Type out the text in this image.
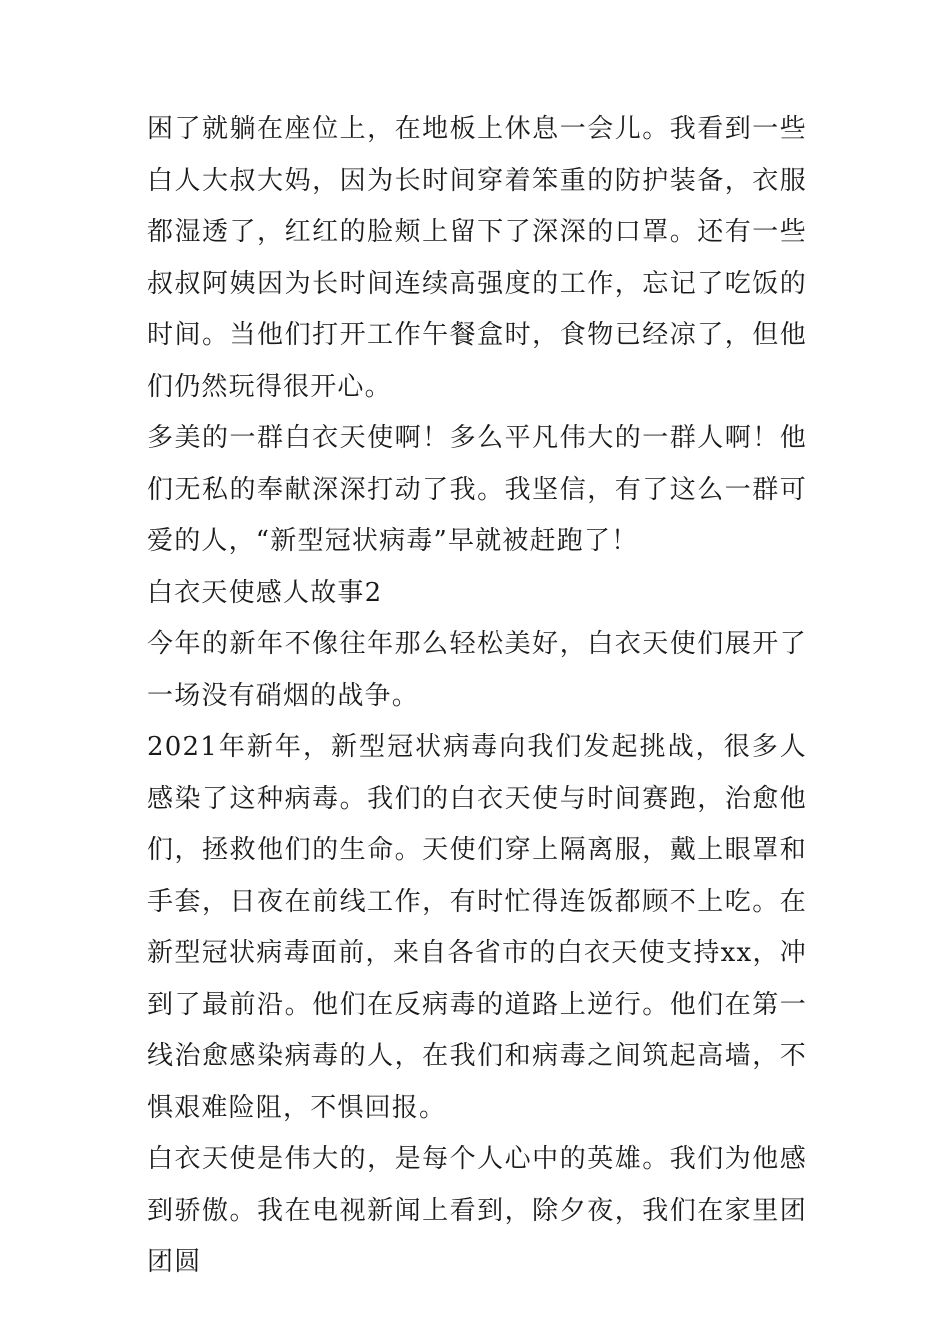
困了就躺在座位上，在地板上休息一会儿。我看到一些白人大叔大妈，因为长时间穿着笨重的防护装备，衣服都湿透了，红红的脸颊上留下了深深的口罩。还有一些叔叔阿姨因为长时间连续高强度的工作，忘记了吃饭的时间。当他们打开工作午餐盒时，食物已经凉了，但他们仍然玩得很开心。

多美的一群白衣天使啊！多么平凡伟大的一群人啊！他们无私的奉献深深打动了我。我坚信，有了这么一群可爱的人，“新型冠状病毒”早就被赶跑了！

白衣天使感人故事2

今年的新年不像往年那么轻松美好，白衣天使们展开了一场没有硝烟的战争。

2021年新年，新型冠状病毒向我们发起挑战，很多人感染了这种病毒。我们的白衣天使与时间赛跑，治愈他们，拯救他们的生命。天使们穿上隔离服，戴上眼罩和手套，日夜在前线工作，有时忙得连饭都顾不上吃。在新型冠状病毒面前，来自各省市的白衣天使支持xx，冲到了最前沿。他们在反病毒的道路上逆行。他们在第一线治愈感染病毒的人，在我们和病毒之间筑起高墙，不惧艰难险阻，不惧回报。

白衣天使是伟大的，是每个人心中的英雄。我们为他感到骄傲。我在电视新闻上看到，除夕夜，我们在家里团团圆
